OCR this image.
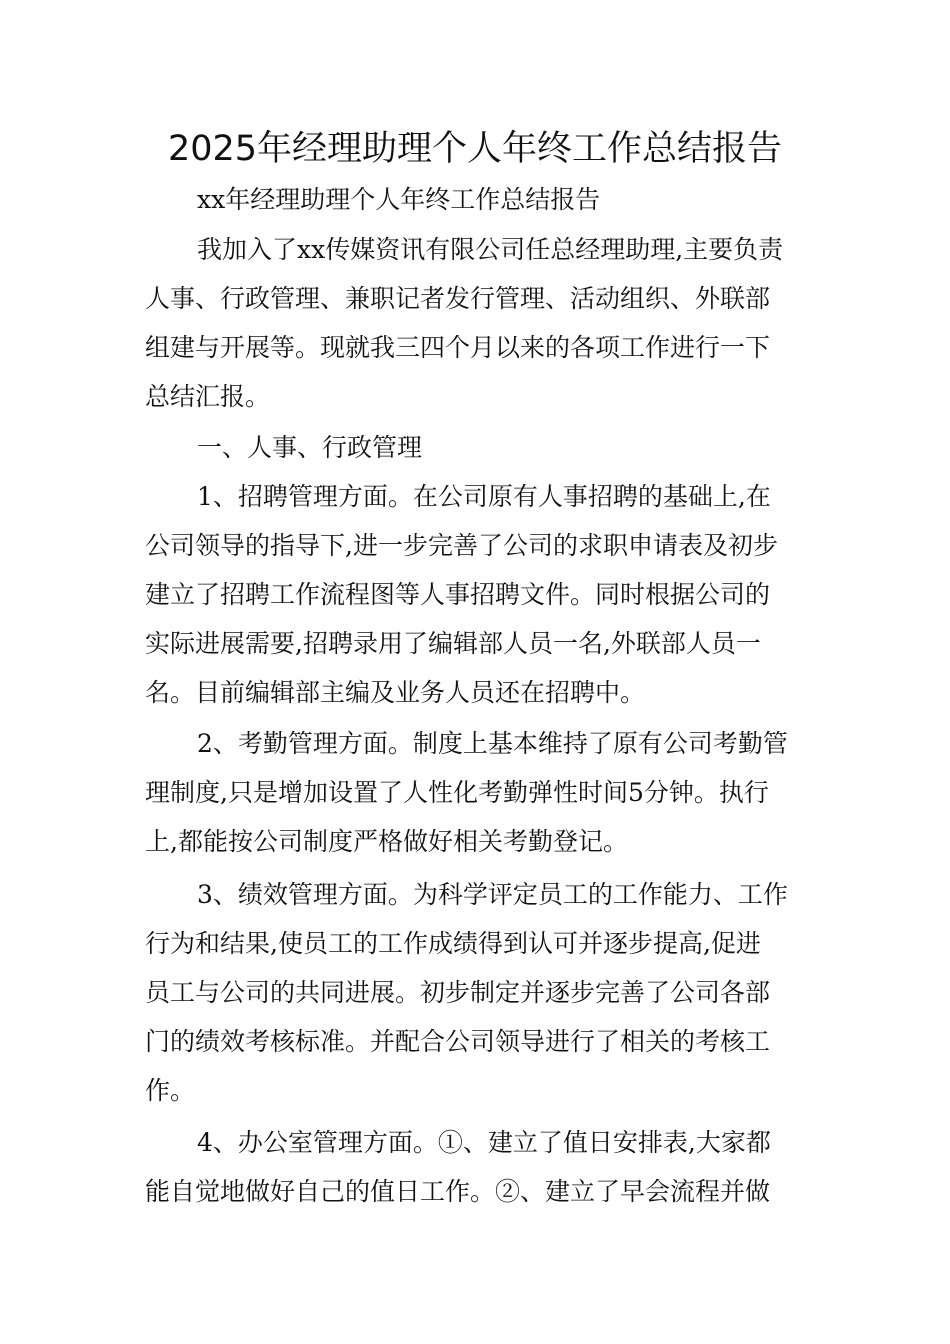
2025年经理助理个人年终工作总结报告
xx年经理助理个人年终工作总结报告
我加入了xx传媒资讯有限公司任总经理助理,主要负责
人事、行政管理、兼职记者发行管理、活动组织、外联部
组建与开展等。现就我三四个月以来的各项工作进行一下
总结汇报。
一、人事、行政管理
1、招聘管理方面。在公司原有人事招聘的基础上,在
公司领导的指导下,进一步完善了公司的求职申请表及初步
建立了招聘工作流程图等人事招聘文件。同时根据公司的
实际进展需要,招聘录用了编辑部人员一名,外联部人员一
名。目前编辑部主编及业务人员还在招聘中。
2、考勤管理方面。制度上基本维持了原有公司考勤管
理制度,只是增加设置了人性化考勤弹性时间5分钟。执行
上,都能按公司制度严格做好相关考勤登记。
3、绩效管理方面。为科学评定员工的工作能力、工作
行为和结果,使员工的工作成绩得到认可并逐步提高,促进
员工与公司的共同进展。初步制定并逐步完善了公司各部
门的绩效考核标准。并配合公司领导进行了相关的考核工
作。
4、办公室管理方面。①、建立了值日安排表,大家都
能自觉地做好自己的值日工作。②、建立了早会流程并做
